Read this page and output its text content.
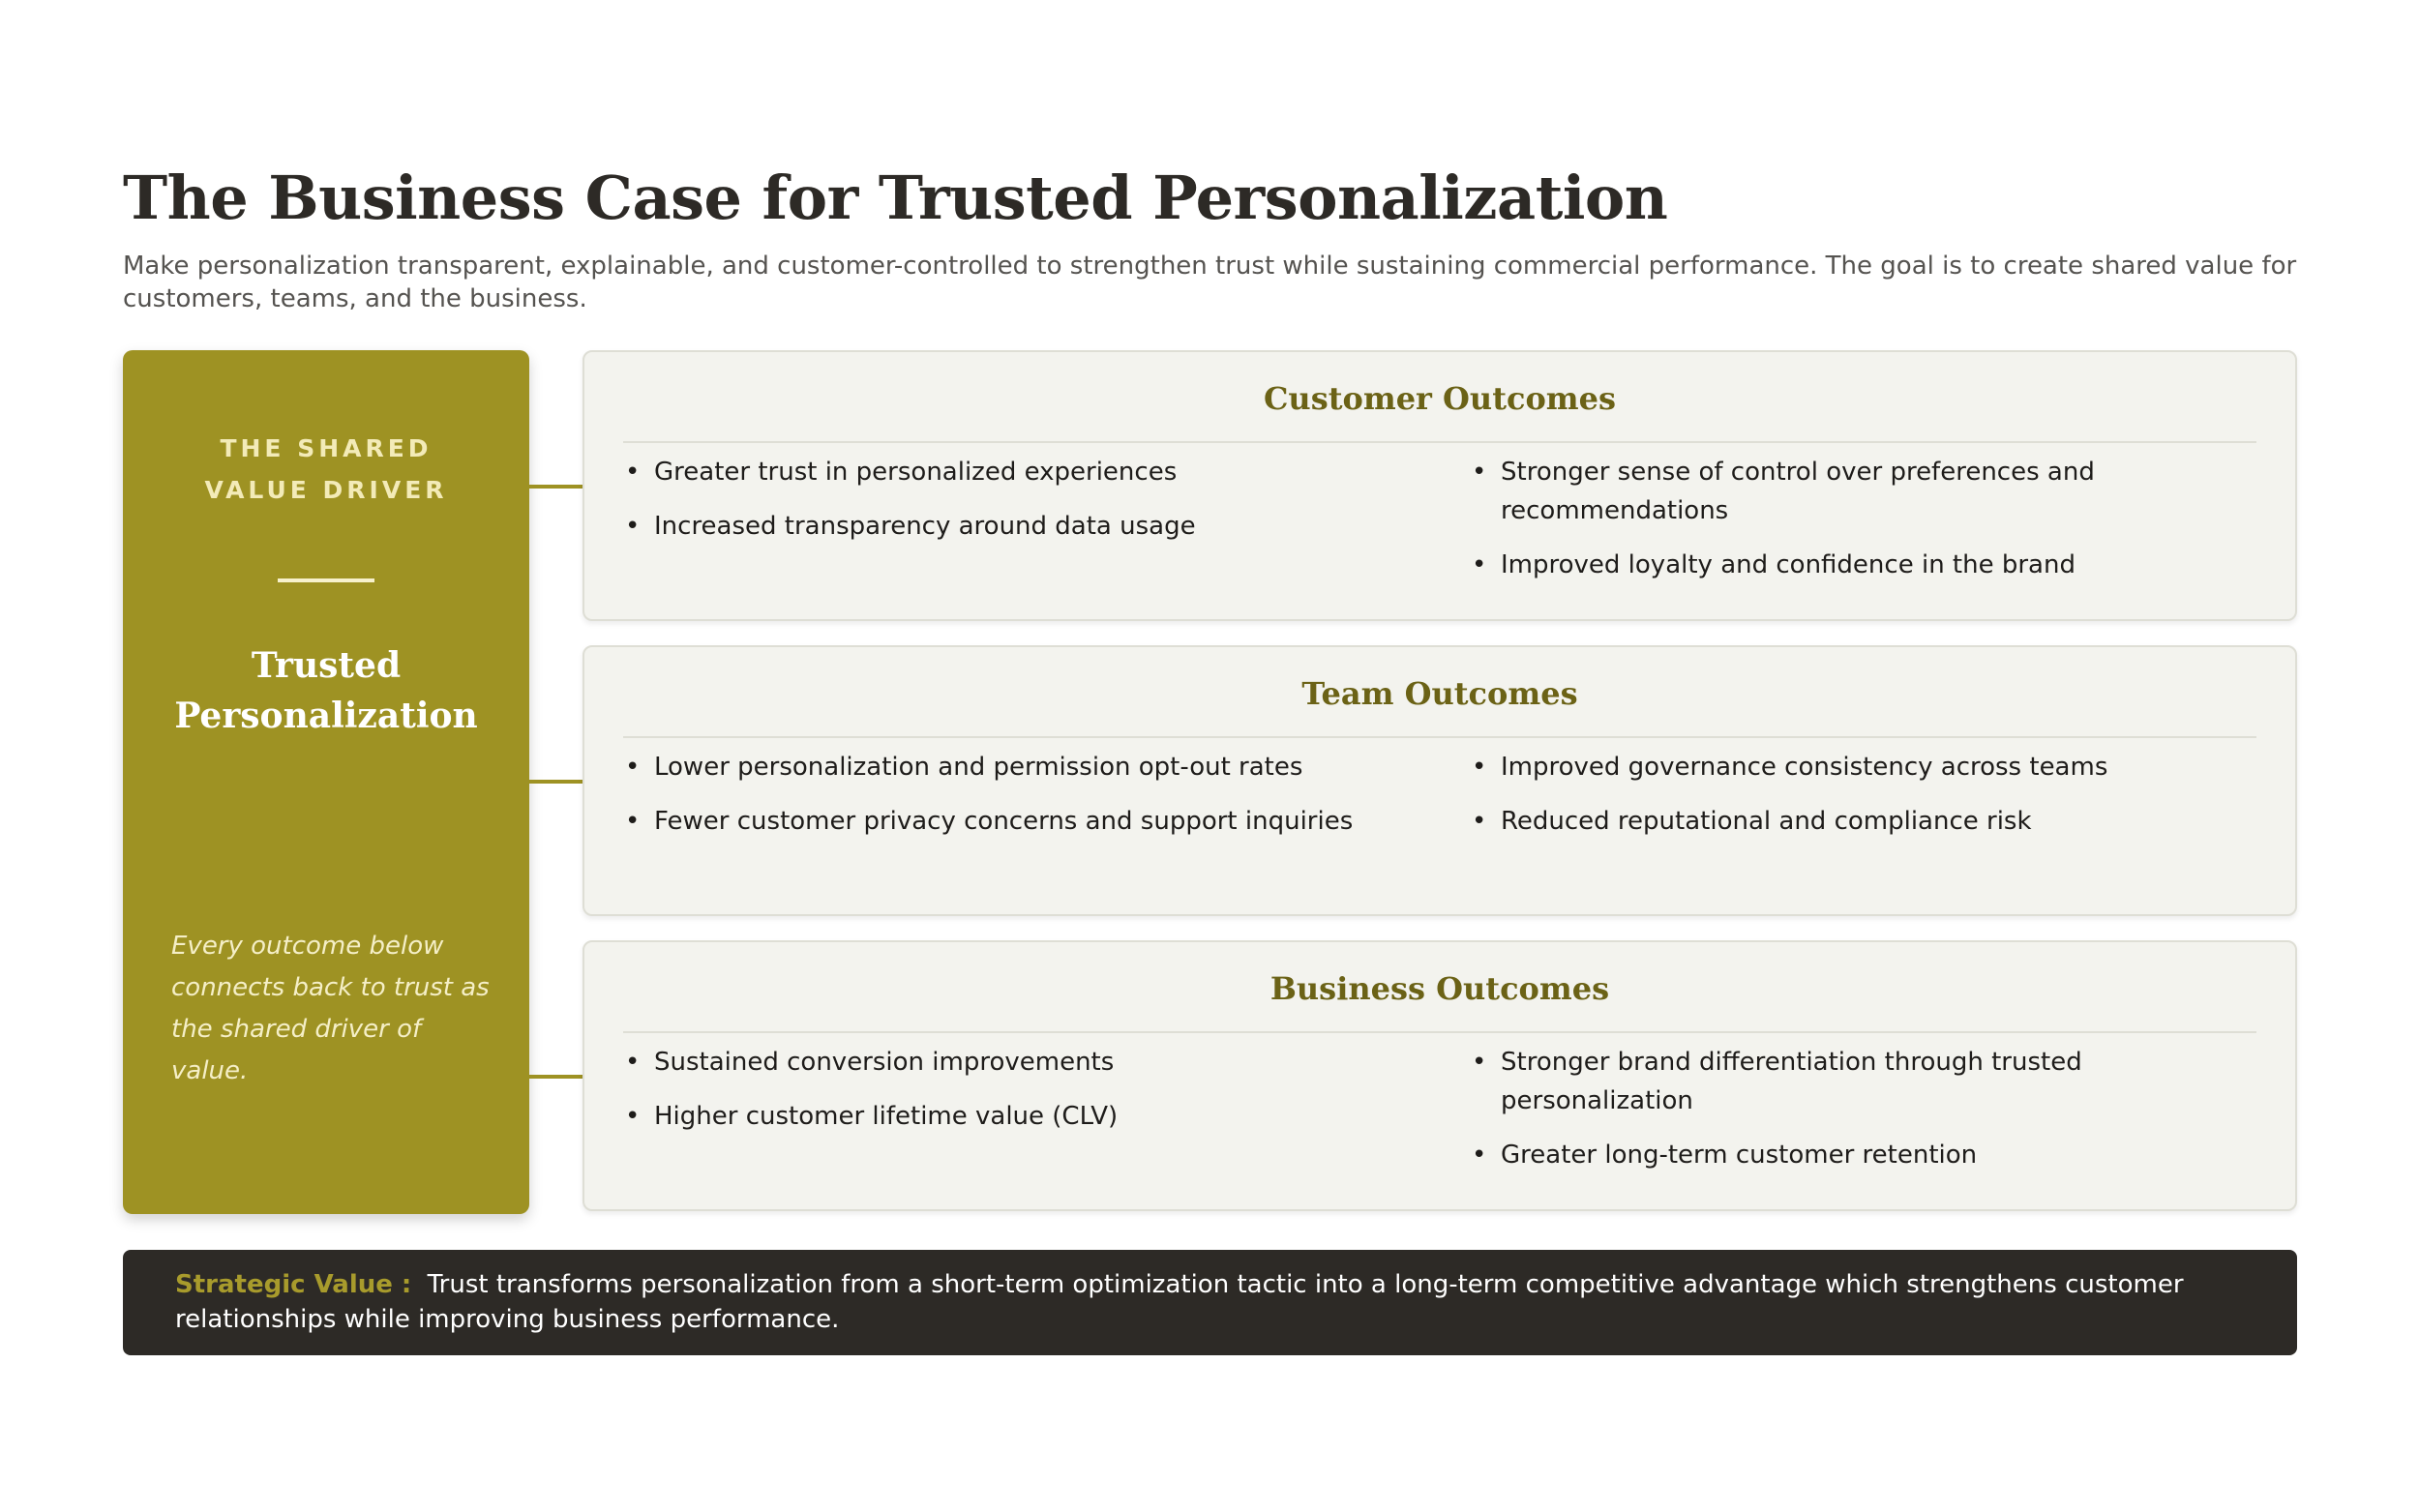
The Business Case for Trusted Personalization

Make personalization transparent, explainable, and customer-controlled to strengthen trust while sustaining commercial performance. The goal is to create shared value for customers, teams, and the business.

THE SHARED VALUE DRIVER
Trusted Personalization
Every outcome below connects back to trust as the shared driver of value.
Customer Outcomes
• Greater trust in personalized experiences
• Increased transparency around data usage
• Stronger sense of control over preferences and recommendations
• Improved loyalty and confidence in the brand
Team Outcomes
• Lower personalization and permission opt-out rates
• Fewer customer privacy concerns and support inquiries
• Improved governance consistency across teams
• Reduced reputational and compliance risk
Business Outcomes
• Sustained conversion improvements
• Higher customer lifetime value (CLV)
• Stronger brand differentiation through trusted personalization
• Greater long-term customer retention
Strategic Value : Trust transforms personalization from a short-term optimization tactic into a long-term competitive advantage which strengthens customer relationships while improving business performance.
